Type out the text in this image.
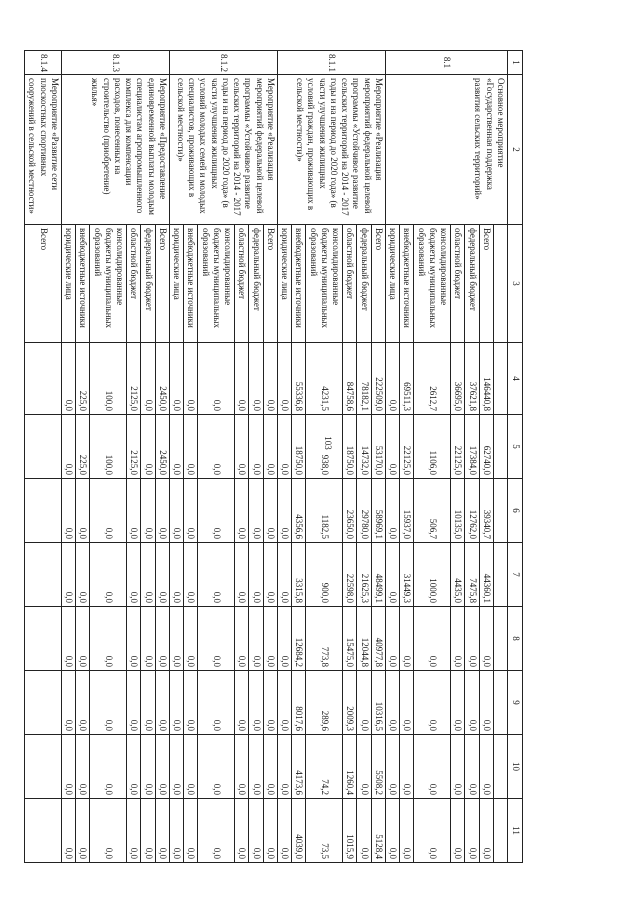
103
1	2	3	4	5	6	7	8	9	10	11
8.1	Основное мероприятие «Государственная поддержка развития сельских территорий»									
		Всего	146440,8	62740,0	39340,7	44360,1	0,0	0,0	0,0	0,0
		федеральный бюджет	37621,8	17384,0	12762,0	7475,8	0,0	0,0	0,0	0,0
		областной бюджет	36695,0	22125,0	10135,0	4435,0	0,0	0,0	0,0	0,0
		консолидированные бюджеты муниципальных образований	2612,7	1106,0	506,7	1000,0	0,0	0,0	0,0	0,0
		внебюджетные источники	69511,3	22125,0	15937,0	31449,3	0,0	0,0	0,0	0,0
		юридические лица	0,0	0,0	0,0	0,0	0,0	0,0	0,0	0,0
8.1.1	Мероприятие «Реализация мероприятий федеральной целевой программы «Устойчивое развитие сельских территорий на 2014 - 2017 годы и на период до 2020 года» (в части улучшения жилищных условий граждан, проживающих в сельской местности)»	Всего	222509,0	53170,0	58969,1	48499,1	40977,8	10316,5	5508,2	5128,4
		федеральный бюджет	78182,1	14732,0	29780,0	21625,3	12044,8	0,0	0,0	0,0
		областной бюджет	84758,6	18750,0	23650,0	22598,0	15475,0	2009,3	1260,4	1015,9
		консолидированные бюджеты муниципальных образований	4231,5	938,0	1182,5	900,0	773,8	289,6	74,2	73,5
		внебюджетные источники	55336,8	18750,0	4356,6	3315,8	12684,2	8017,6	4173,6	4039,0
		юридические лица	0,0	0,0	0,0	0,0	0,0	0,0	0,0	0,0
8.1.2	Мероприятие «Реализация мероприятий федеральной целевой программы «Устойчивое развитие сельских территорий на 2014 - 2017 годы и на период до 2020 года» (в части улучшения жилищных условий молодых семей и молодых специалистов, проживающих в сельской местности)»	Всего	0,0	0,0	0,0	0,0	0,0	0,0	0,0	0,0
		федеральный бюджет	0,0	0,0	0,0	0,0	0,0	0,0	0,0	0,0
		областной бюджет	0,0	0,0	0,0	0,0	0,0	0,0	0,0	0,0
		консолидированные бюджеты муниципальных образований	0,0	0,0	0,0	0,0	0,0	0,0	0,0	0,0
		внебюджетные источники	0,0	0,0	0,0	0,0	0,0	0,0	0,0	0,0
		юридические лица	0,0	0,0	0,0	0,0	0,0	0,0	0,0	0,0
8.1.3	Мероприятие «Предоставление единовременной выплаты молодым специалистам агропромышленного комплекса для компенсации расходов, понесенных на строительство (приобретение) жилья»	Всего	2450,0	2450,0	0,0	0,0	0,0	0,0	0,0	0,0
		федеральный бюджет	0,0	0,0	0,0	0,0	0,0	0,0	0,0	0,0
		областной бюджет	2125,0	2125,0	0,0	0,0	0,0	0,0	0,0	0,0
		консолидированные бюджеты муниципальных образований	100,0	100,0	0,0	0,0	0,0	0,0	0,0	0,0
		внебюджетные источники	225,0	225,0	0,0	0,0	0,0	0,0	0,0	0,0
		юридические лица	0,0	0,0	0,0	0,0	0,0	0,0	0,0	0,0
8.1.4	Мероприятие «Развитие сети плоскостных спортивных сооружений в сельской местности»	Всего								
